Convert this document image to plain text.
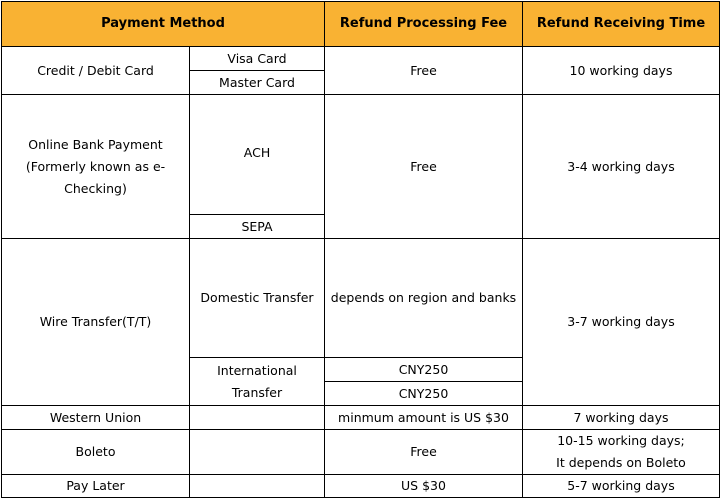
Payment Method		Refund Processing Fee	Refund Receiving Time
Credit / Debit Card	Visa Card	Free	10 working days
	Master Card		

Online Bank Payment
(Formerly known as e-
Checking)	ACH	Free	3-4 working days
	SEPA		
Wire Transfer(T/T)	Domestic Transfer	depends on region and banks	3-7 working days

	International
Transfer	CNY250	
		CNY250	
Western Union		minmum amount is US $30	7 working days
Boleto		Free	10-15 working days;
It depends on Boleto

Pay Later		US $30	5-7 working days
